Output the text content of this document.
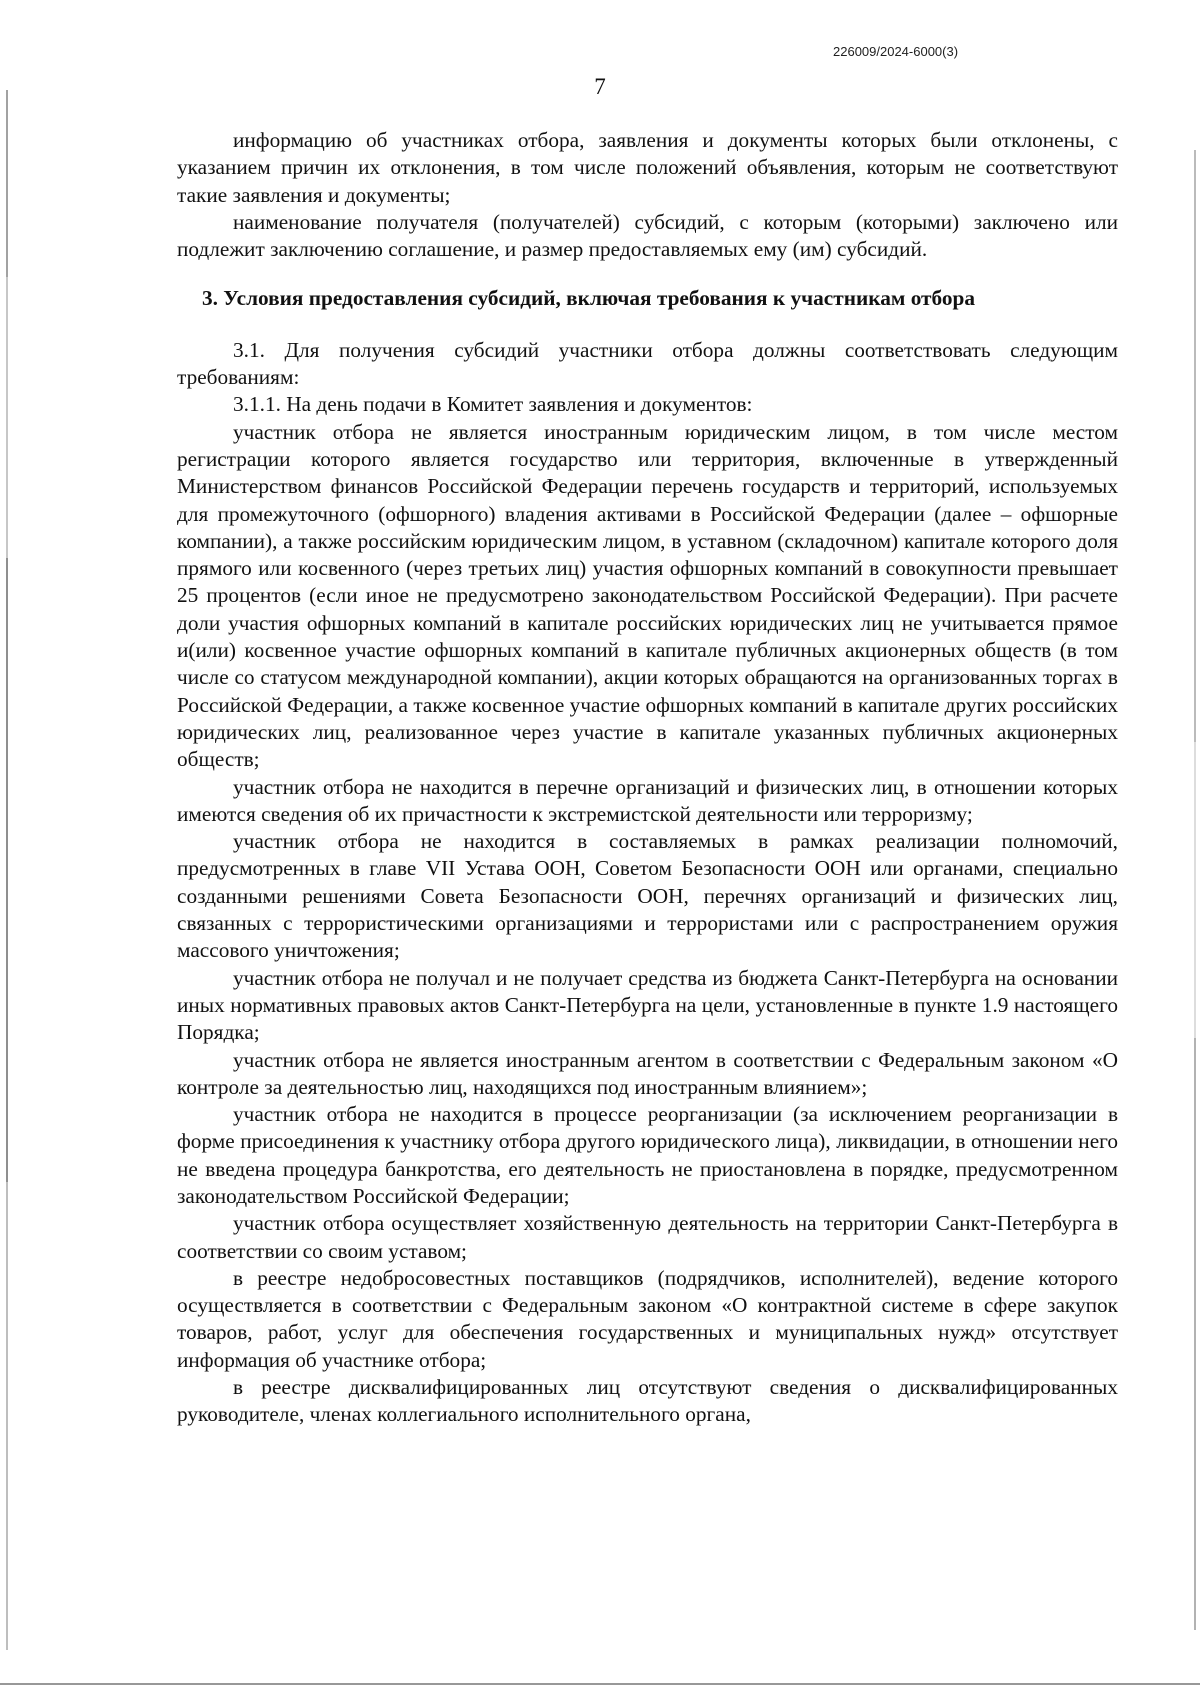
226009/2024-6000(3)
7

информацию об участниках отбора, заявления и документы которых были отклонены, с указанием причин их отклонения, в том числе положений объявления, которым не соответствуют такие заявления и документы;

наименование получателя (получателей) субсидий, с которым (которыми) заключено или подлежит заключению соглашение, и размер предоставляемых ему (им) субсидий.

3. Условия предоставления субсидий, включая требования к участникам отбора

3.1. Для получения субсидий участники отбора должны соответствовать следующим требованиям:

3.1.1. На день подачи в Комитет заявления и документов:

участник отбора не является иностранным юридическим лицом, в том числе местом регистрации которого является государство или территория, включенные в утвержденный Министерством финансов Российской Федерации перечень государств и территорий, используемых для промежуточного (офшорного) владения активами в Российской Федерации (далее – офшорные компании), а также российским юридическим лицом, в уставном (складочном) капитале которого доля прямого или косвенного (через третьих лиц) участия офшорных компаний в совокупности превышает 25 процентов (если иное не предусмотрено законодательством Российской Федерации). При расчете доли участия офшорных компаний в капитале российских юридических лиц не учитывается прямое и(или) косвенное участие офшорных компаний в капитале публичных акционерных обществ (в том числе со статусом международной компании), акции которых обращаются на организованных торгах в Российской Федерации, а также косвенное участие офшорных компаний в капитале других российских юридических лиц, реализованное через участие в капитале указанных публичных акционерных обществ;

участник отбора не находится в перечне организаций и физических лиц, в отношении которых имеются сведения об их причастности к экстремистской деятельности или терроризму;

участник отбора не находится в составляемых в рамках реализации полномочий, предусмотренных в главе VII Устава ООН, Советом Безопасности ООН или органами, специально созданными решениями Совета Безопасности ООН, перечнях организаций и физических лиц, связанных с террористическими организациями и террористами или с распространением оружия массового уничтожения;

участник отбора не получал и не получает средства из бюджета Санкт-Петербурга на основании иных нормативных правовых актов Санкт-Петербурга на цели, установленные в пункте 1.9 настоящего Порядка;

участник отбора не является иностранным агентом в соответствии с Федеральным законом «О контроле за деятельностью лиц, находящихся под иностранным влиянием»;

участник отбора не находится в процессе реорганизации (за исключением реорганизации в форме присоединения к участнику отбора другого юридического лица), ликвидации, в отношении него не введена процедура банкротства, его деятельность не приостановлена в порядке, предусмотренном законодательством Российской Федерации;

участник отбора осуществляет хозяйственную деятельность на территории Санкт-Петербурга в соответствии со своим уставом;

в реестре недобросовестных поставщиков (подрядчиков, исполнителей), ведение которого осуществляется в соответствии с Федеральным законом «О контрактной системе в сфере закупок товаров, работ, услуг для обеспечения государственных и муниципальных нужд» отсутствует информация об участнике отбора;

в реестре дисквалифицированных лиц отсутствуют сведения о дисквалифицированных руководителе, членах коллегиального исполнительного органа,
